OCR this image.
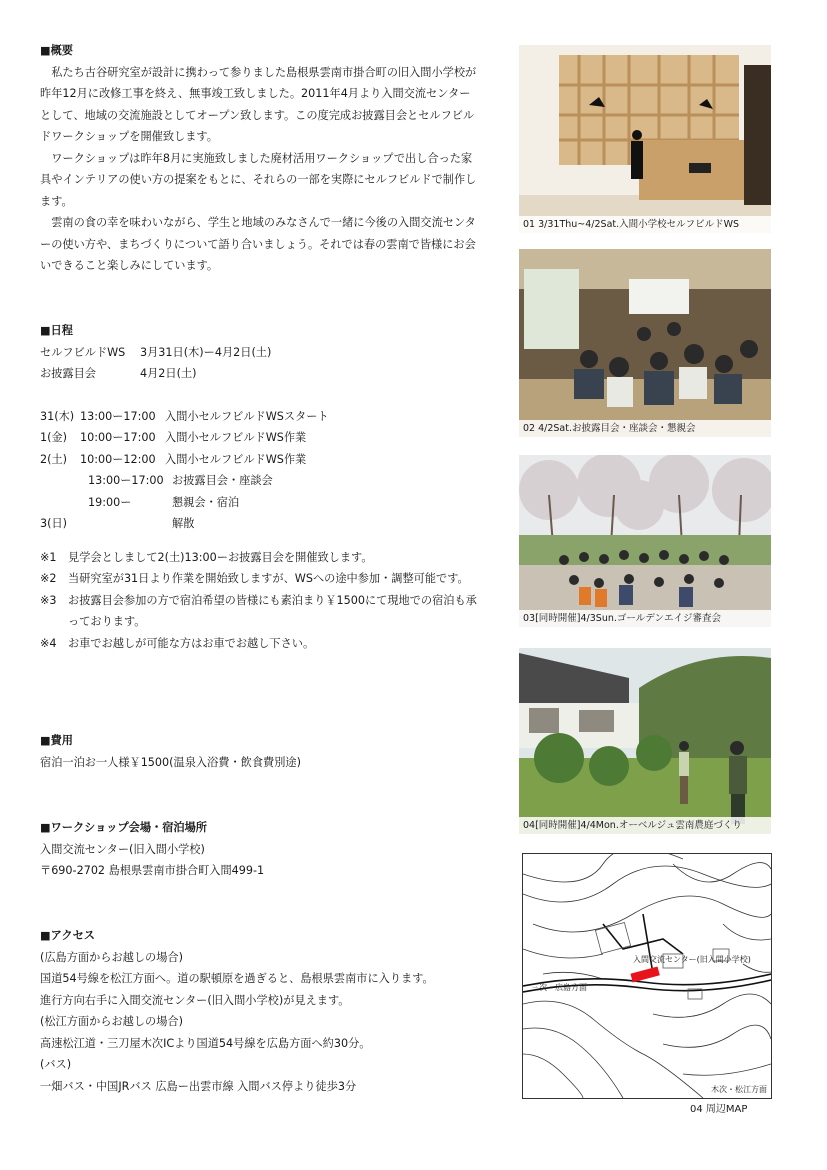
■概要
私たち古谷研究室が設計に携わって参りました島根県雲南市掛合町の旧入間小学校が昨年12月に改修工事を終え、無事竣工致しました。2011年4月より入間交流センターとして、地域の交流施設としてオープン致します。この度完成お披露目会とセルフビルドワークショップを開催致します。
ワークショップは昨年8月に実施致しました廃材活用ワークショップで出し合った家具やインテリアの使い方の提案をもとに、それらの一部を実際にセルフビルドで制作します。
雲南の食の幸を味わいながら、学生と地域のみなさんで一緒に今後の入間交流センターの使い方や、まちづくりについて語り合いましょう。それでは春の雲南で皆様にお会いできること楽しみにしています。
■日程
セルフビルドWS	3月31日(木)ー4月2日(土)
お披露目会	4月2日(土)
31(木) 13:00ー17:00 入間小セルフビルドWSスタート
1(金)	10:00ー17:00 入間小セルフビルドWS作業
2(土)	10:00ー12:00 入間小セルフビルドWS作業
13:00ー17:00 お披露目会・座談会
19:00ー	懇親会・宿泊
3(日)	解散
※1	見学会としまして2(土)13:00ーお披露目会を開催致します。
※2	当研究室が31日より作業を開始致しますが、WSへの途中参加・調整可能です。
※3	お披露目会参加の方で宿泊希望の皆様にも素泊まり￥1500にて現地での宿泊も承っております。
※4	お車でお越しが可能な方はお車でお越し下さい。
■費用
宿泊一泊お一人様￥1500(温泉入浴費・飲食費別途)
■ワークショップ会場・宿泊場所
入間交流センター(旧入間小学校)
〒690-2702 島根県雲南市掛合町入間499-1
■アクセス
(広島方面からお越しの場合)
国道54号線を松江方面へ。道の駅頓原を過ぎると、島根県雲南市に入ります。
進行方向右手に入間交流センター(旧入間小学校)が見えます。
(松江方面からお越しの場合)
高速松江道・三刀屋木次ICより国道54号線を広島方面へ約30分。
(バス)
一畑バス・中国JRバス 広島ー出雲市線 入間バス停より徒歩3分
01 3/31Thu~4/2Sat.入間小学校セルフビルドWS
02 4/2Sat.お披露目会・座談会・懇親会
03[同時開催]4/3Sun.ゴールデンエイジ審査会
04[同時開催]4/4Mon.オーベルジュ雲南農庭づくり
入間交流センター(旧入間小学校)
三次・広島方面
木次・松江方面
04 周辺MAP
